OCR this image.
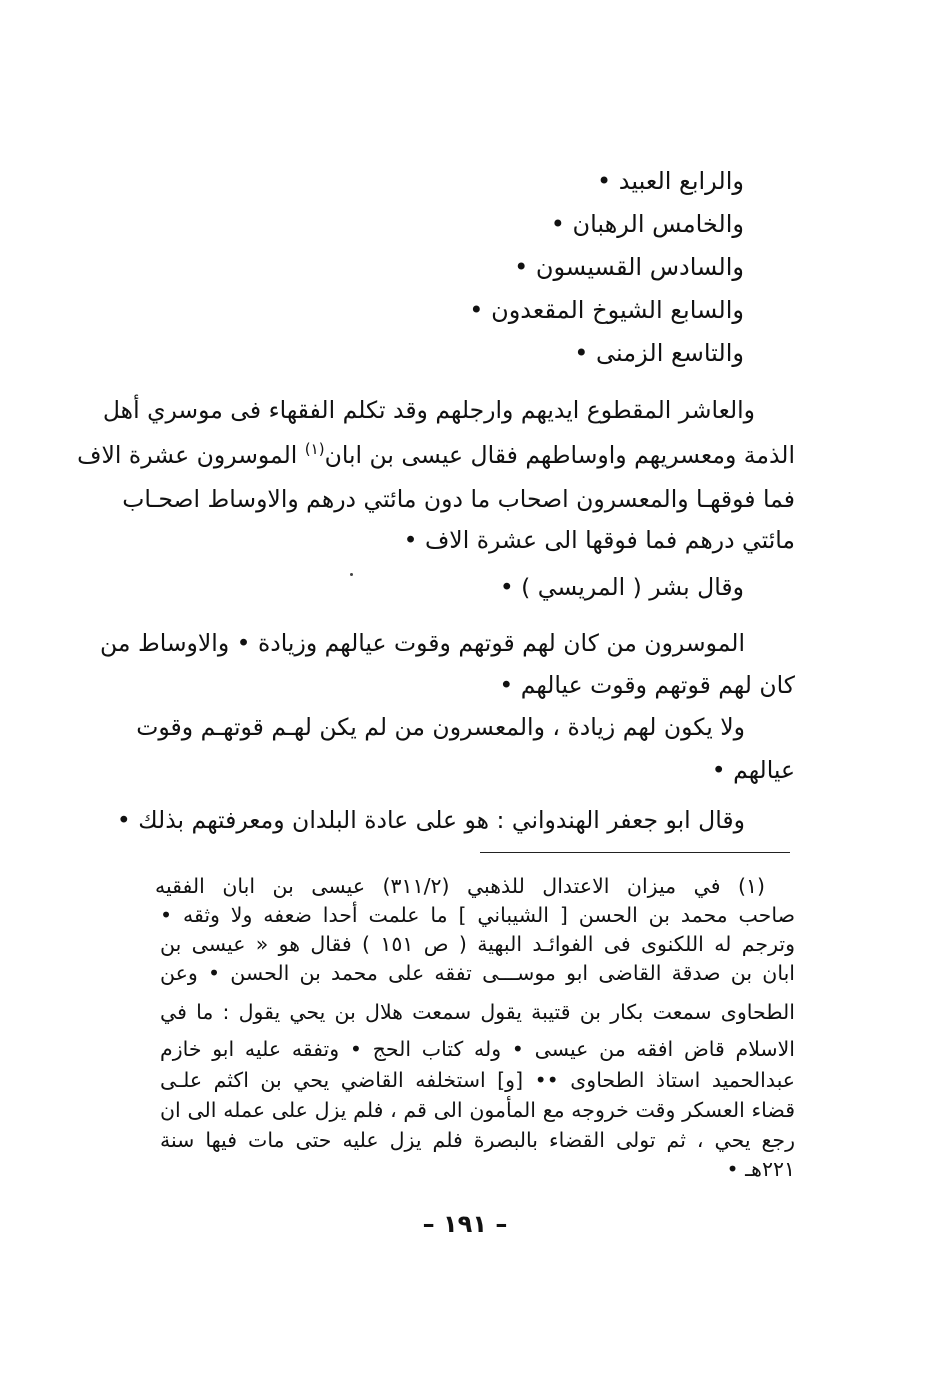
والرابع العبيد •
والخامس الرهبان •
والسادس القسيسون •
والسابع الشيوخ المقعدون •
والتاسع الزمنى •
والعاشر المقطوع ايديهم وارجلهم وقد تكلم الفقهاء فى موسري أهل
الذمة ومعسريهم واوساطهم فقال عيسى بن ابان$^{(١)}$ الموسرون عشرة الاف
فما فوقهـا والمعسرون اصحاب ما دون مائتي درهم والاوساط اصحـاب
مائتي درهم فما فوقها الى عشرة الاف •
وقال بشر ( المريسي ) •
الموسرون من كان لهم قوتهم وقوت عيالهم وزيادة • والاوساط من
كان لهم قوتهم وقوت عيالهم •
ولا يكون لهم زيادة ، والمعسرون من لم يكن لهـم قوتهـم وقوت
عيالهم •
وقال ابو جعفر الهندواني : هو على عادة البلدان ومعرفتهم بذلك •
(١) في ميزان الاعتدال للذهبي (٣١١/٢) عيسى بن ابان الفقيه
صاحب محمد بن الحسن [ الشيباني ] ما علمت أحدا ضعفه ولا وثقه •
وترجم له اللكنوى فى الفوائـد البهية ( ص ١٥١ ) فقال هو « عيسى بن
ابان بن صدقة القاضى ابو موســـى تفقه على محمد بن الحسن • وعن
الطحاوى سمعت بكار بن قتيبة يقول سمعت هلال بن يحي يقول : ما في
الاسلام قاض افقه من عيسى • وله كتاب الحج • وتفقه عليه ابو خازم
عبدالحميد استاذ الطحاوى •• [و] استخلفه القاضي يحي بن اكثم علـى
قضاء العسكر وقت خروجه مع المأمون الى قم ، فلم يزل على عمله الى ان
رجع يحي ، ثم تولى القضاء بالبصرة فلم يزل عليه حتى مات فيها سنة
٢٢١هـ •
– ١٩١ –
